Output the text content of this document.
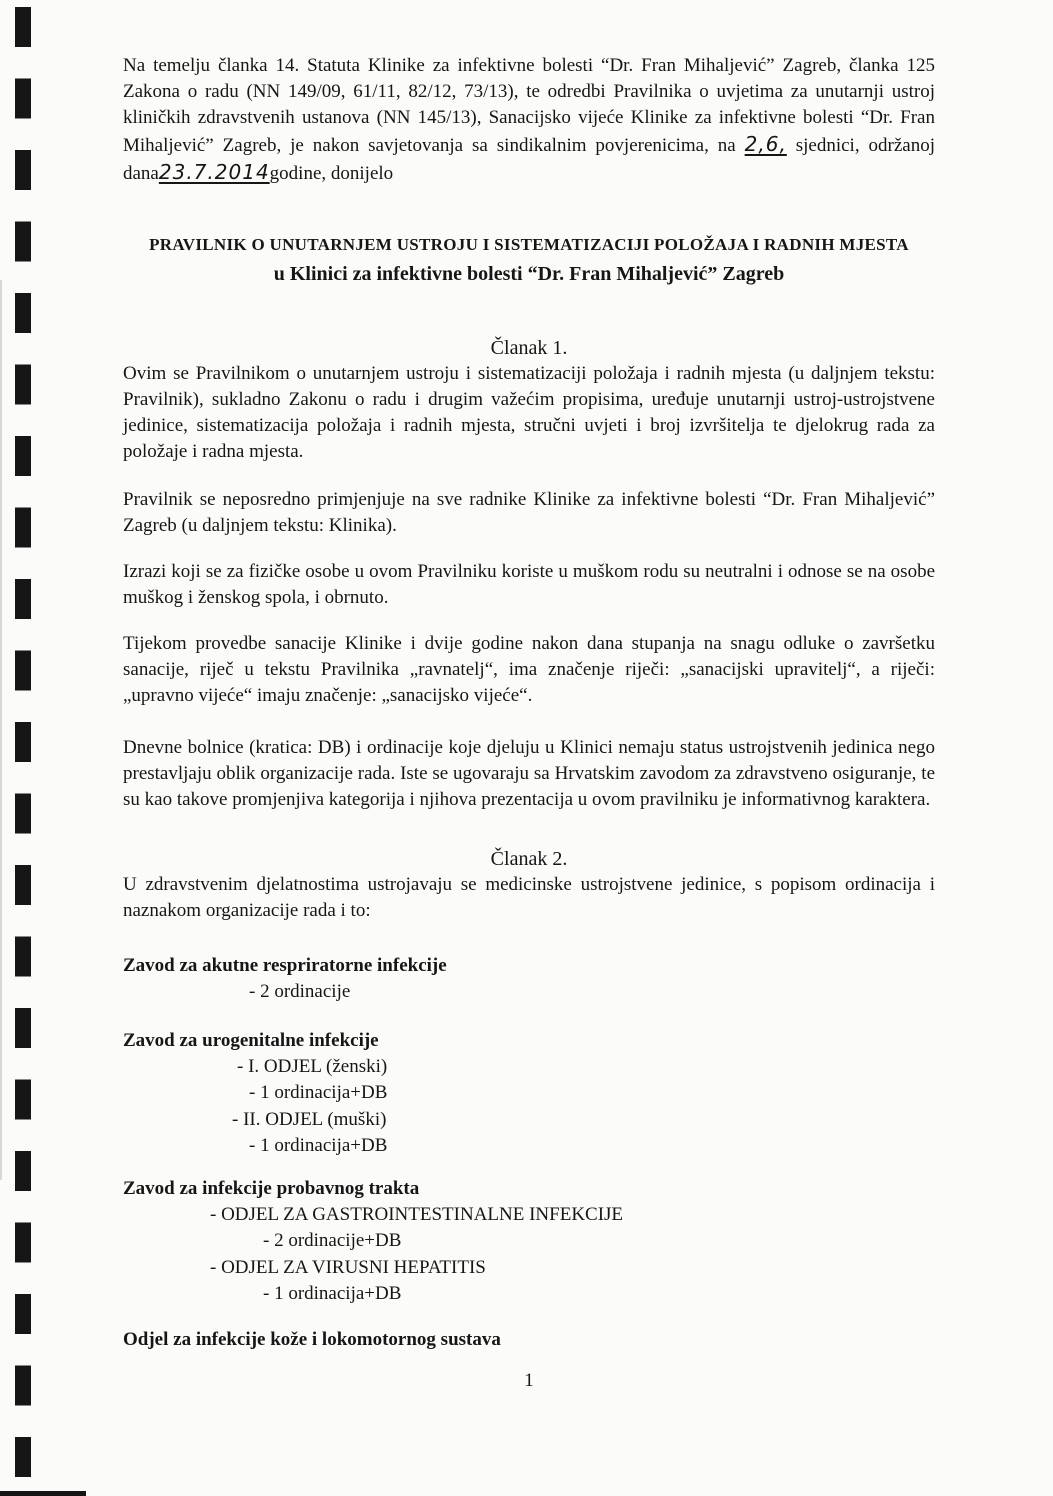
Na temelju članka 14. Statuta Klinike za infektivne bolesti “Dr. Fran Mihaljević” Zagreb, članka 125 Zakona o radu (NN 149/09, 61/11, 82/12, 73/13), te odredbi Pravilnika o uvjetima za unutarnji ustroj kliničkih zdravstvenih ustanova (NN 145/13), Sanacijsko vijeće Klinike za infektivne bolesti “Dr. Fran Mihaljević” Zagreb, je nakon savjetovanja sa sindikalnim povjerenicima, na 2,6, sjednici, održanoj dana23.7.2014godine, donijelo

PRAVILNIK O UNUTARNJEM USTROJU I SISTEMATIZACIJI POLOŽAJA I RADNIH MJESTA
u Klinici za infektivne bolesti “Dr. Fran Mihaljević” Zagreb
Članak 1.

Ovim se Pravilnikom o unutarnjem ustroju i sistematizaciji položaja i radnih mjesta (u daljnjem tekstu: Pravilnik), sukladno Zakonu o radu i drugim važećim propisima, uređuje unutarnji ustroj-ustrojstvene jedinice, sistematizacija položaja i radnih mjesta, stručni uvjeti i broj izvršitelja te djelokrug rada za položaje i radna mjesta.

Pravilnik se neposredno primjenjuje na sve radnike Klinike za infektivne bolesti “Dr. Fran Mihaljević” Zagreb (u daljnjem tekstu: Klinika).

Izrazi koji se za fizičke osobe u ovom Pravilniku koriste u muškom rodu su neutralni i odnose se na osobe muškog i ženskog spola, i obrnuto.

Tijekom provedbe sanacije Klinike i dvije godine nakon dana stupanja na snagu odluke o završetku sanacije, riječ u tekstu Pravilnika „ravnatelj“, ima značenje riječi: „sanacijski upravitelj“, a riječi: „upravno vijeće“ imaju značenje: „sanacijsko vijeće“.

Dnevne bolnice (kratica: DB) i ordinacije koje djeluju u Klinici nemaju status ustrojstvenih jedinica nego prestavljaju oblik organizacije rada. Iste se ugovaraju sa Hrvatskim zavodom za zdravstveno osiguranje, te su kao takove promjenjiva kategorija i njihova prezentacija u ovom pravilniku je informativnog karaktera.

Članak 2.

U zdravstvenim djelatnostima ustrojavaju se medicinske ustrojstvene jedinice, s popisom ordinacija i naznakom organizacije rada i to:

Zavod za akutne respriratorne infekcije

- 2 ordinacije

Zavod za urogenitalne infekcije

- I. ODJEL (ženski)

- 1 ordinacija+DB

- II. ODJEL (muški)

- 1 ordinacija+DB

Zavod za infekcije probavnog trakta

- ODJEL ZA GASTROINTESTINALNE INFEKCIJE

- 2 ordinacije+DB

- ODJEL ZA VIRUSNI HEPATITIS

- 1 ordinacija+DB

Odjel za infekcije kože i lokomotornog sustava

1
